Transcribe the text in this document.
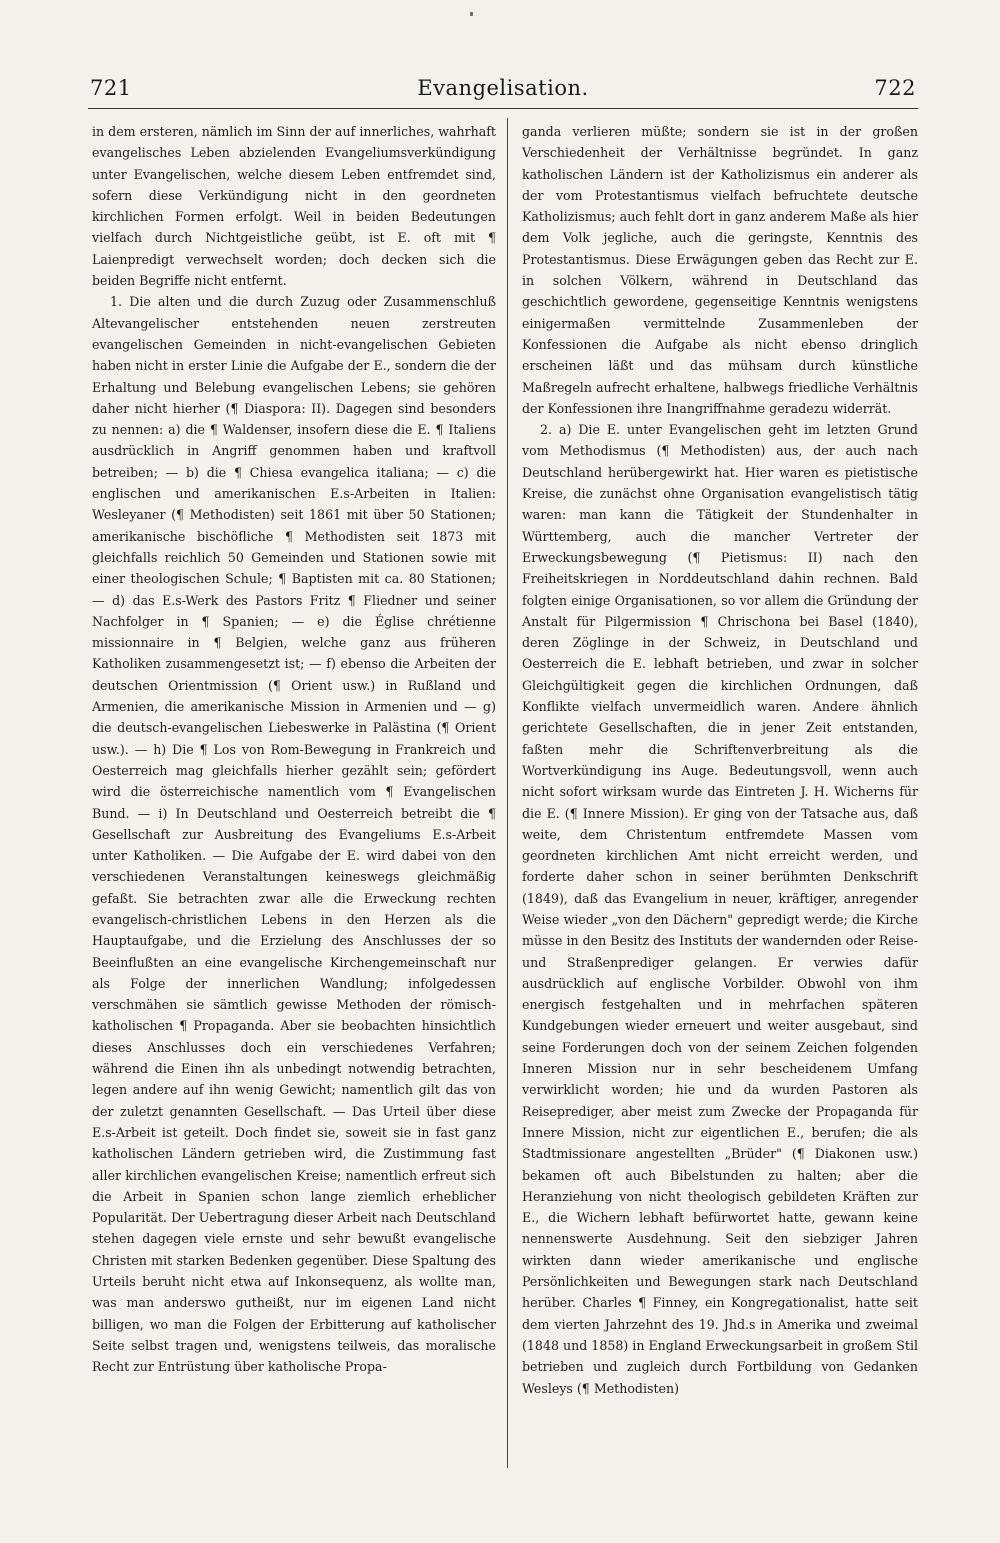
721	Evangelisation.	722

in dem ersteren, nämlich im Sinn der auf innerliches, wahrhaft evangelisches Leben abzielenden Evangeliumsverkündigung unter Evangelischen, welche diesem Leben entfremdet sind, sofern diese Verkündigung nicht in den geordneten kirchlichen Formen erfolgt. Weil in beiden Bedeutungen vielfach durch Nichtgeistliche geübt, ist E. oft mit ¶ Laienpredigt verwechselt worden; doch decken sich die beiden Begriffe nicht entfernt.

1. Die alten und die durch Zuzug oder Zusammenschluß Altevangelischer entstehenden neuen zerstreuten evangelischen Gemeinden in nicht-evangelischen Gebieten haben nicht in erster Linie die Aufgabe der E., sondern die der Erhaltung und Belebung evangelischen Lebens; sie gehören daher nicht hierher (¶ Diaspora: II). Dagegen sind besonders zu nennen: a) die ¶ Waldenser, insofern diese die E. ¶ Italiens ausdrücklich in Angriff genommen haben und kraftvoll betreiben; — b) die ¶ Chiesa evangelica italiana; — c) die englischen und amerikanischen E.s-Arbeiten in Italien: Wesleyaner (¶ Methodisten) seit 1861 mit über 50 Stationen; amerikanische bischöfliche ¶ Methodisten seit 1873 mit gleichfalls reichlich 50 Gemeinden und Stationen sowie mit einer theologischen Schule; ¶ Baptisten mit ca. 80 Stationen; — d) das E.s-Werk des Pastors Fritz ¶ Fliedner und seiner Nachfolger in ¶ Spanien; — e) die Église chrétienne missionnaire in ¶ Belgien, welche ganz aus früheren Katholiken zusammengesetzt ist; — f) ebenso die Arbeiten der deutschen Orientmission (¶ Orient usw.) in Rußland und Armenien, die amerikanische Mission in Armenien und — g) die deutsch-evangelischen Liebeswerke in Palästina (¶ Orient usw.). — h) Die ¶ Los von Rom-Bewegung in Frankreich und Oesterreich mag gleichfalls hierher gezählt sein; gefördert wird die österreichische namentlich vom ¶ Evangelischen Bund. — i) In Deutschland und Oesterreich betreibt die ¶ Gesellschaft zur Ausbreitung des Evangeliums E.s-Arbeit unter Katholiken. — Die Aufgabe der E. wird dabei von den verschiedenen Veranstaltungen keineswegs gleichmäßig gefaßt. Sie betrachten zwar alle die Erweckung rechten evangelisch-christlichen Lebens in den Herzen als die Hauptaufgabe, und die Erzielung des Anschlusses der so Beeinflußten an eine evangelische Kirchengemeinschaft nur als Folge der innerlichen Wandlung; infolgedessen verschmähen sie sämtlich gewisse Methoden der römisch-katholischen ¶ Propaganda. Aber sie beobachten hinsichtlich dieses Anschlusses doch ein verschiedenes Verfahren; während die Einen ihn als unbedingt notwendig betrachten, legen andere auf ihn wenig Gewicht; namentlich gilt das von der zuletzt genannten Gesellschaft. — Das Urteil über diese E.s-Arbeit ist geteilt. Doch findet sie, soweit sie in fast ganz katholischen Ländern getrieben wird, die Zustimmung fast aller kirchlichen evangelischen Kreise; namentlich erfreut sich die Arbeit in Spanien schon lange ziemlich erheblicher Popularität. Der Uebertragung dieser Arbeit nach Deutschland stehen dagegen viele ernste und sehr bewußt evangelische Christen mit starken Bedenken gegenüber. Diese Spaltung des Urteils beruht nicht etwa auf Inkonsequenz, als wollte man, was man anderswo gutheißt, nur im eigenen Land nicht billigen, wo man die Folgen der Erbitterung auf katholischer Seite selbst tragen und, wenigstens teilweis, das moralische Recht zur Entrüstung über katholische Propa-

ganda verlieren müßte; sondern sie ist in der großen Verschiedenheit der Verhältnisse begründet. In ganz katholischen Ländern ist der Katholizismus ein anderer als der vom Protestantismus vielfach befruchtete deutsche Katholizismus; auch fehlt dort in ganz anderem Maße als hier dem Volk jegliche, auch die geringste, Kenntnis des Protestantismus. Diese Erwägungen geben das Recht zur E. in solchen Völkern, während in Deutschland das geschichtlich gewordene, gegenseitige Kenntnis wenigstens einigermaßen vermittelnde Zusammenleben der Konfessionen die Aufgabe als nicht ebenso dringlich erscheinen läßt und das mühsam durch künstliche Maßregeln aufrecht erhaltene, halbwegs friedliche Verhältnis der Konfessionen ihre Inangriffnahme geradezu widerrät.

2. a) Die E. unter Evangelischen geht im letzten Grund vom Methodismus (¶ Methodisten) aus, der auch nach Deutschland herübergewirkt hat. Hier waren es pietistische Kreise, die zunächst ohne Organisation evangelistisch tätig waren: man kann die Tätigkeit der Stundenhalter in Württemberg, auch die mancher Vertreter der Erweckungsbewegung (¶ Pietismus: II) nach den Freiheitskriegen in Norddeutschland dahin rechnen. Bald folgten einige Organisationen, so vor allem die Gründung der Anstalt für Pilgermission ¶ Chrischona bei Basel (1840), deren Zöglinge in der Schweiz, in Deutschland und Oesterreich die E. lebhaft betrieben, und zwar in solcher Gleichgültigkeit gegen die kirchlichen Ordnungen, daß Konflikte vielfach unvermeidlich waren. Andere ähnlich gerichtete Gesellschaften, die in jener Zeit entstanden, faßten mehr die Schriftenverbreitung als die Wortverkündigung ins Auge. Bedeutungsvoll, wenn auch nicht sofort wirksam wurde das Eintreten J. H. Wicherns für die E. (¶ Innere Mission). Er ging von der Tatsache aus, daß weite, dem Christentum entfremdete Massen vom geordneten kirchlichen Amt nicht erreicht werden, und forderte daher schon in seiner berühmten Denkschrift (1849), daß das Evangelium in neuer, kräftiger, anregender Weise wieder „von den Dächern" gepredigt werde; die Kirche müsse in den Besitz des Instituts der wandernden oder Reise- und Straßenprediger gelangen. Er verwies dafür ausdrücklich auf englische Vorbilder. Obwohl von ihm energisch festgehalten und in mehrfachen späteren Kundgebungen wieder erneuert und weiter ausgebaut, sind seine Forderungen doch von der seinem Zeichen folgenden Inneren Mission nur in sehr bescheidenem Umfang verwirklicht worden; hie und da wurden Pastoren als Reiseprediger, aber meist zum Zwecke der Propaganda für Innere Mission, nicht zur eigentlichen E., berufen; die als Stadtmissionare angestellten „Brüder" (¶ Diakonen usw.) bekamen oft auch Bibelstunden zu halten; aber die Heranziehung von nicht theologisch gebildeten Kräften zur E., die Wichern lebhaft befürwortet hatte, gewann keine nennenswerte Ausdehnung. Seit den siebziger Jahren wirkten dann wieder amerikanische und englische Persönlichkeiten und Bewegungen stark nach Deutschland herüber. Charles ¶ Finney, ein Kongregationalist, hatte seit dem vierten Jahrzehnt des 19. Jhd.s in Amerika und zweimal (1848 und 1858) in England Erweckungsarbeit in großem Stil betrieben und zugleich durch Fortbildung von Gedanken Wesleys (¶ Methodisten)
